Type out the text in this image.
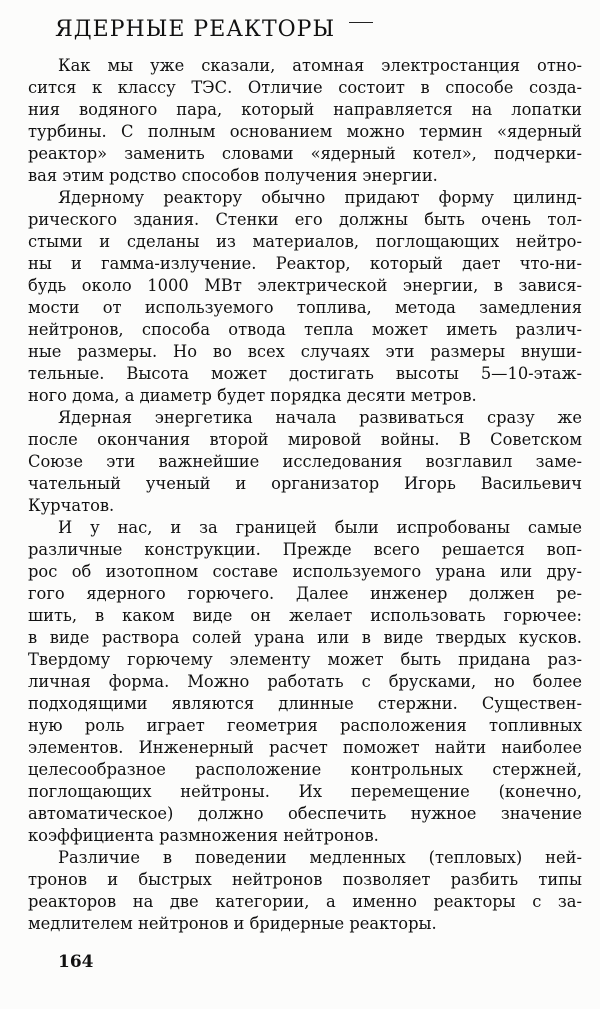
ЯДЕРНЫЕ РЕАКТОРЫ
Как мы уже сказали, атомная электростанция отно-
сится к классу ТЭС. Отличие состоит в способе созда-
ния водяного пара, который направляется на лопатки
турбины. С полным основанием можно термин «ядерный
реактор» заменить словами «ядерный котел», подчерки-
вая этим родство способов получения энергии.
Ядерному реактору обычно придают форму цилинд-
рического здания. Стенки его должны быть очень тол-
стыми и сделаны из материалов, поглощающих нейтро-
ны и гамма-излучение. Реактор, который дает что-ни-
будь около 1000 МВт электрической энергии, в завися-
мости от используемого топлива, метода замедления
нейтронов, способа отвода тепла может иметь различ-
ные размеры. Но во всех случаях эти размеры внуши-
тельные. Высота может достигать высоты 5—10-этаж-
ного дома, а диаметр будет порядка десяти метров.
Ядерная энергетика начала развиваться сразу же
после окончания второй мировой войны. В Советском
Союзе эти важнейшие исследования возглавил заме-
чательный ученый и организатор Игорь Васильевич
Курчатов.
И у нас, и за границей были испробованы самые
различные конструкции. Прежде всего решается воп-
рос об изотопном составе используемого урана или дру-
гого ядерного горючего. Далее инженер должен ре-
шить, в каком виде он желает использовать горючее:
в виде раствора солей урана или в виде твердых кусков.
Твердому горючему элементу может быть придана раз-
личная форма. Можно работать с брусками, но более
подходящими являются длинные стержни. Существен-
ную роль играет геометрия расположения топливных
элементов. Инженерный расчет поможет найти наиболее
целесообразное расположение контрольных стержней,
поглощающих нейтроны. Их перемещение (конечно,
автоматическое) должно обеспечить нужное значение
коэффициента размножения нейтронов.
Различие в поведении медленных (тепловых) ней-
тронов и быстрых нейтронов позволяет разбить типы
реакторов на две категории, а именно реакторы с за-
медлителем нейтронов и бридерные реакторы.
164
